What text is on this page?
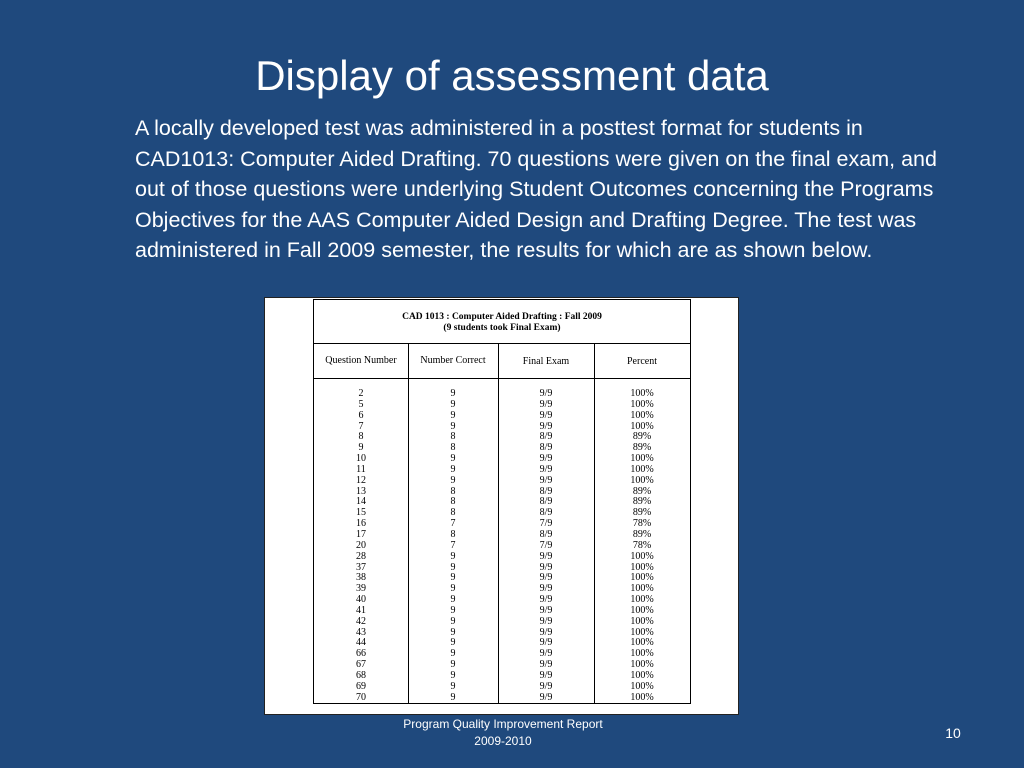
Display of assessment data

A locally developed test was administered in a posttest format for students in CAD1013: Computer Aided Drafting. 70 questions were given on the final exam, and out of those questions were underlying Student Outcomes concerning the Programs Objectives for the AAS Computer Aided Design and Drafting Degree. The test was administered in Fall 2009 semester, the results for which are as shown below.

CAD 1013 : Computer Aided Drafting : Fall 2009
(9 students took Final Exam)
Question Number
2
5
6
7
8
9
10
11
12
13
14
15
16
17
20
28
37
38
39
40
41
42
43
44
66
67
68
69
70
Number Correct
9
9
9
9
8
8
9
9
9
8
8
8
7
8
7
9
9
9
9
9
9
9
9
9
9
9
9
9
9
Final Exam
9/9
9/9
9/9
9/9
8/9
8/9
9/9
9/9
9/9
8/9
8/9
8/9
7/9
8/9
7/9
9/9
9/9
9/9
9/9
9/9
9/9
9/9
9/9
9/9
9/9
9/9
9/9
9/9
9/9
Percent
100%
100%
100%
100%
89%
89%
100%
100%
100%
89%
89%
89%
78%
89%
78%
100%
100%
100%
100%
100%
100%
100%
100%
100%
100%
100%
100%
100%
100%
Program Quality Improvement Report
2009-2010	10
